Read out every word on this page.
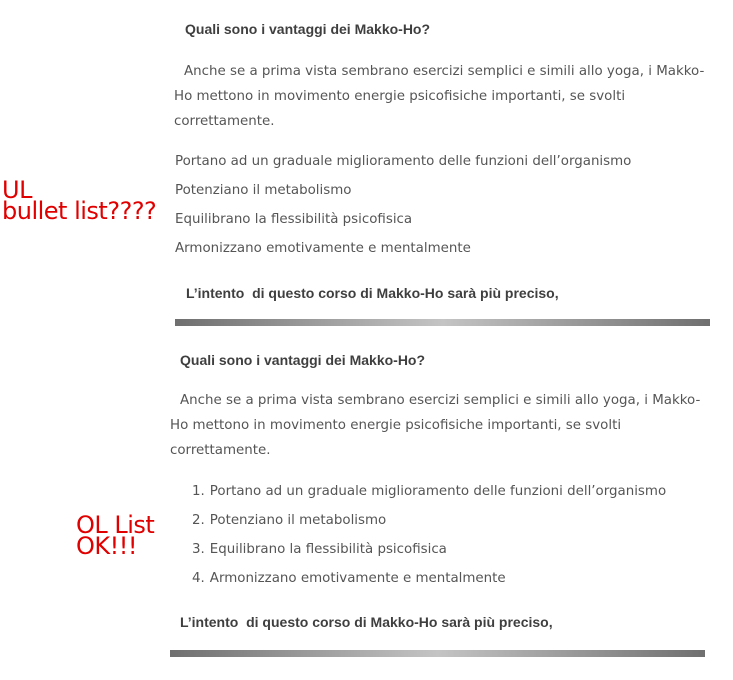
Quali sono i vantaggi dei Makko-Ho?

Anche se a prima vista sembrano esercizi semplici e simili allo yoga, i Makko-
Ho mettono in movimento energie psicofisiche importanti, se svolti
correttamente.
Portano ad un graduale miglioramento delle funzioni dell’organismo
Potenziano il metabolismo
Equilibrano la flessibilità psicofisica
Armonizzano emotivamente e mentalmente

L’intento  di questo corso di Makko-Ho sarà più preciso,

Quali sono i vantaggi dei Makko-Ho?

Anche se a prima vista sembrano esercizi semplici e simili allo yoga, i Makko-
Ho mettono in movimento energie psicofisiche importanti, se svolti
correttamente.
1. Portano ad un graduale miglioramento delle funzioni dell’organismo
2. Potenziano il metabolismo
3. Equilibrano la flessibilità psicofisica
4. Armonizzano emotivamente e mentalmente

L’intento  di questo corso di Makko-Ho sarà più preciso,

UL
bullet list????
OL List
OK!!!
